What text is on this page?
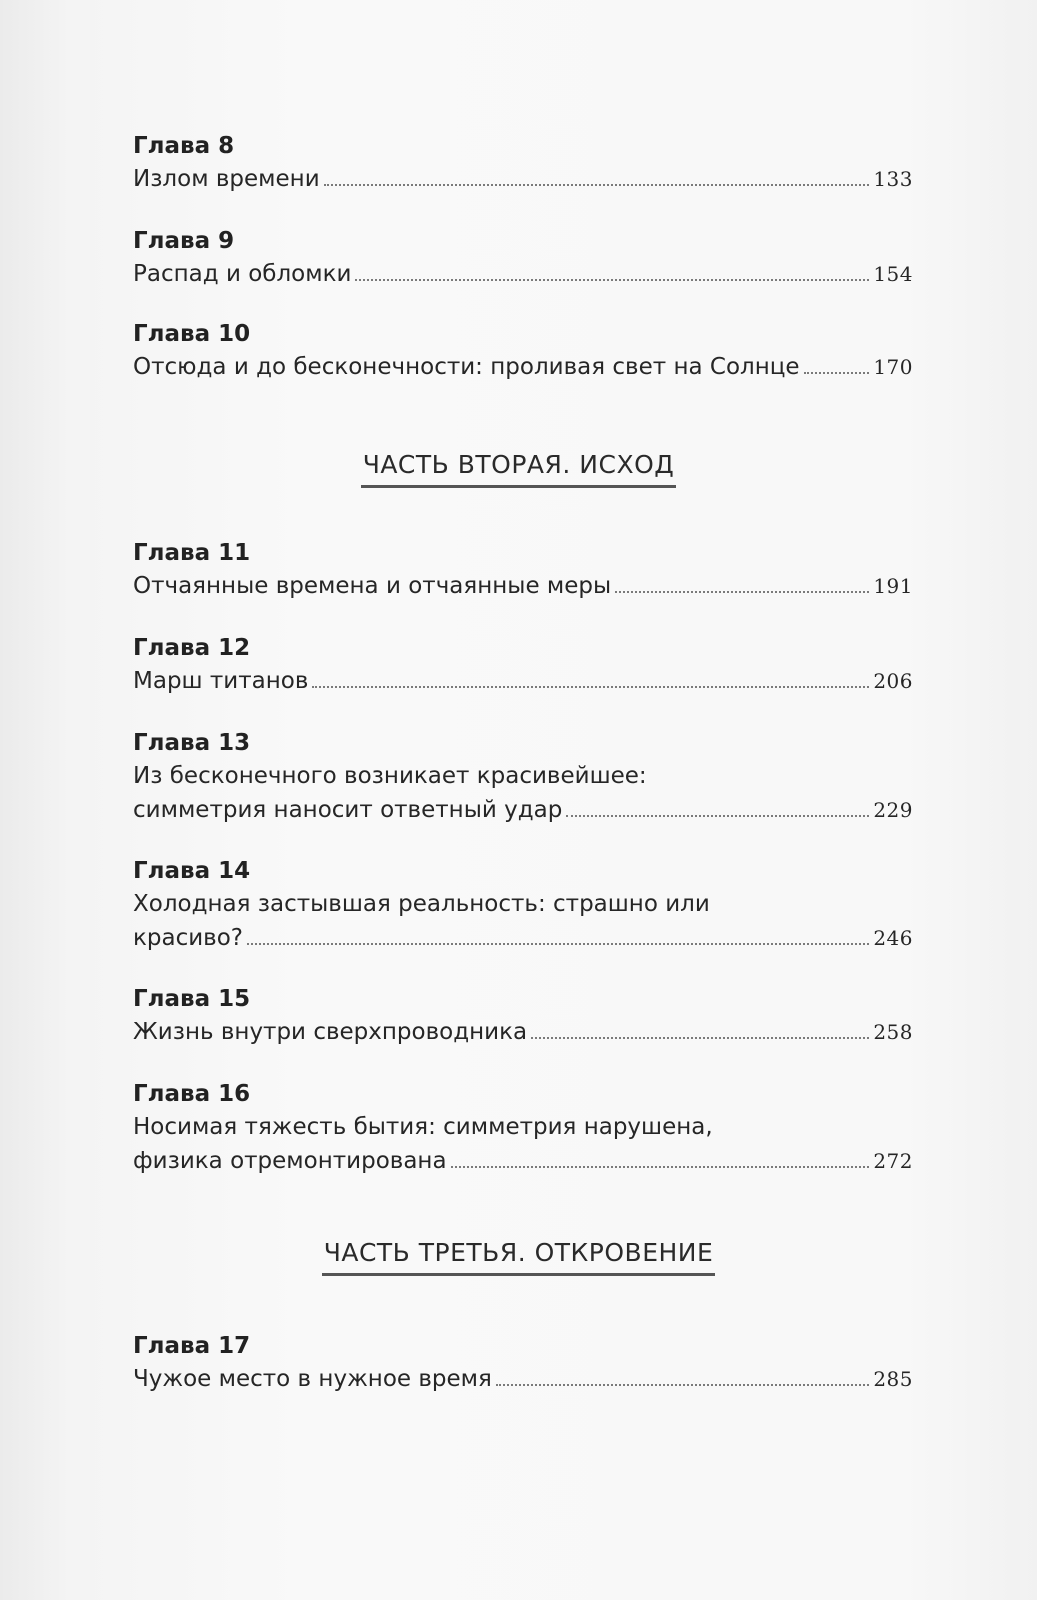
Глава 8
Излом времени	133
Глава 9
Распад и обломки	154
Глава 10
Отсюда и до бесконечности: проливая свет на Солнце	170
ЧАСТЬ ВТОРАЯ. ИСХОД
Глава 11
Отчаянные времена и отчаянные меры	191
Глава 12
Марш титанов	206
Глава 13
Из бесконечного возникает красивейшее:
симметрия наносит ответный удар	229
Глава 14
Холодная застывшая реальность: страшно или
красиво?	246
Глава 15
Жизнь внутри сверхпроводника	258
Глава 16
Носимая тяжесть бытия: симметрия нарушена,
физика отремонтирована	272
ЧАСТЬ ТРЕТЬЯ. ОТКРОВЕНИЕ
Глава 17
Чужое место в нужное время	285
